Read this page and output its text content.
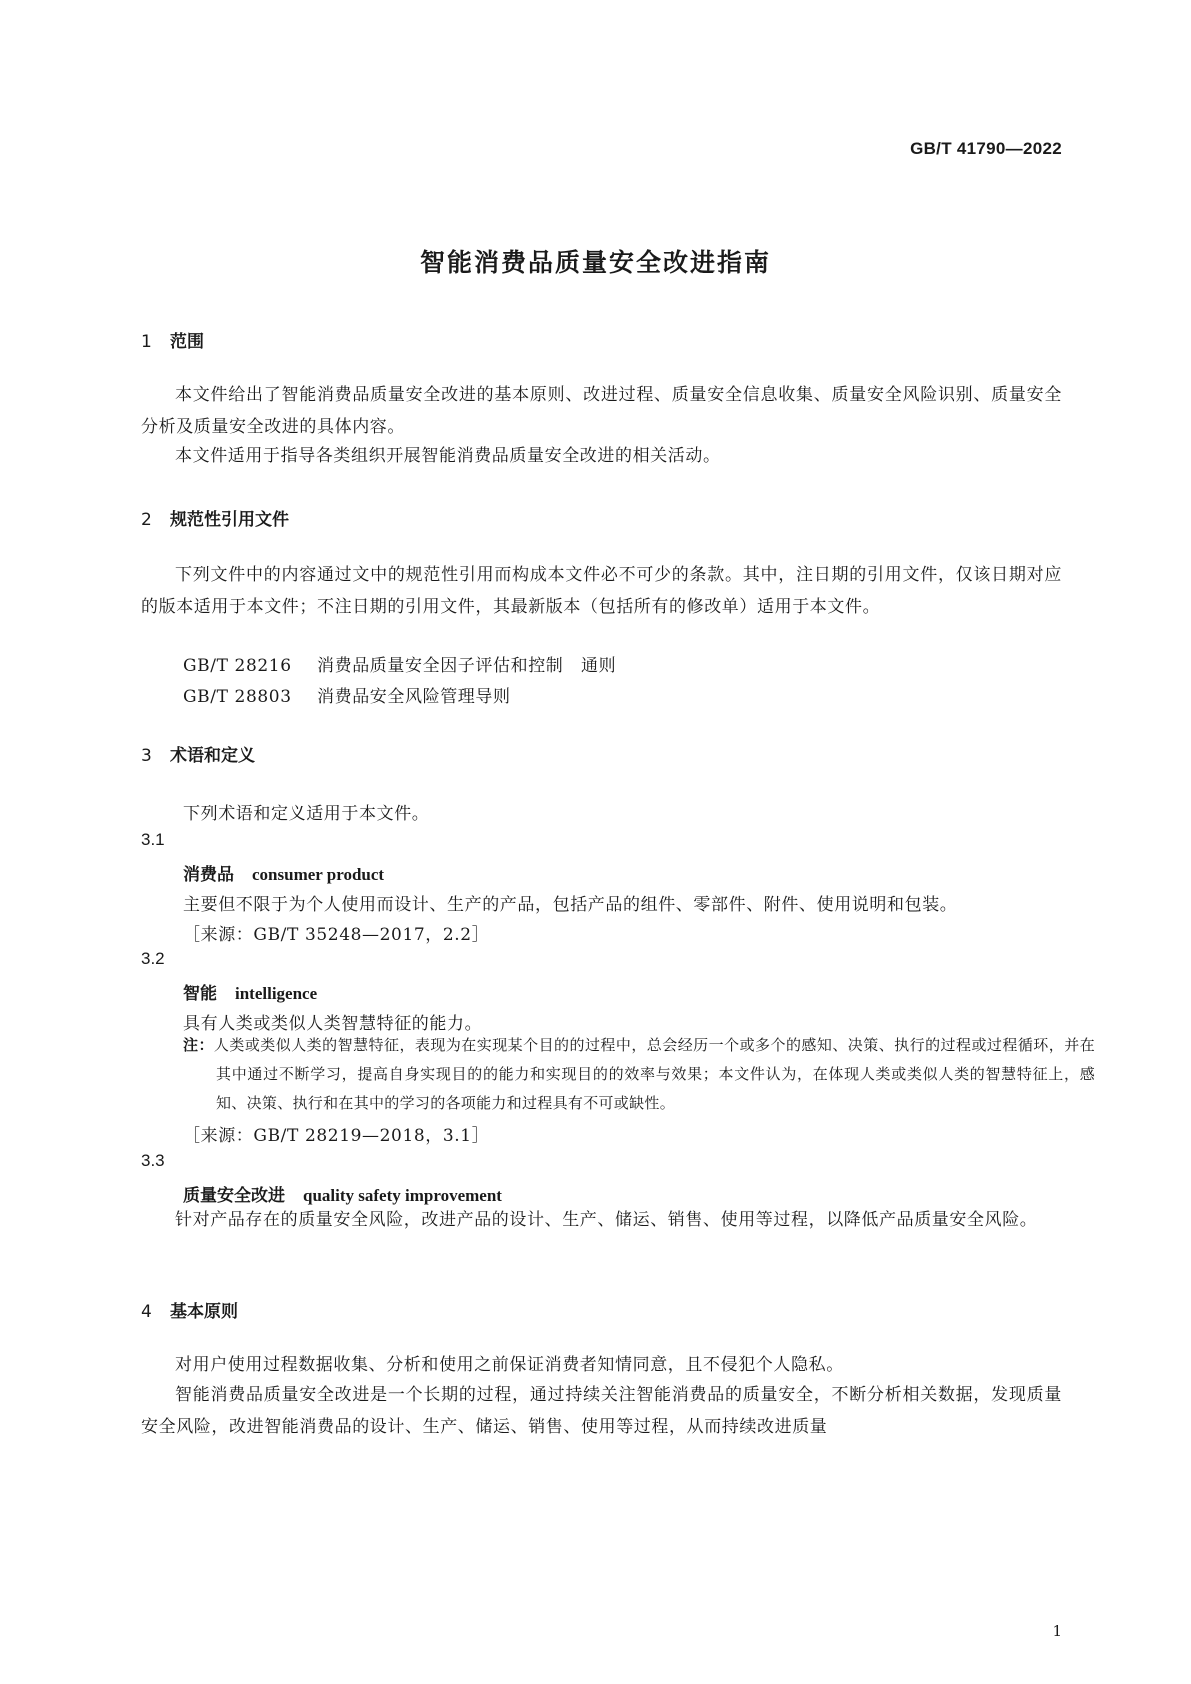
GB/T 41790—2022
智能消费品质量安全改进指南
1 范围

本文件给出了智能消费品质量安全改进的基本原则、改进过程、质量安全信息收集、质量安全风险识别、质量安全分析及质量安全改进的具体内容。

本文件适用于指导各类组织开展智能消费品质量安全改进的相关活动。

2 规范性引用文件

下列文件中的内容通过文中的规范性引用而构成本文件必不可少的条款。其中，注日期的引用文件，仅该日期对应的版本适用于本文件；不注日期的引用文件，其最新版本（包括所有的修改单）适用于本文件。

GB/T 28216 消费品质量安全因子评估和控制　通则
GB/T 28803 消费品安全风险管理导则
3 术语和定义
下列术语和定义适用于本文件。
3.1
消费品 consumer product
主要但不限于为个人使用而设计、生产的产品，包括产品的组件、零部件、附件、使用说明和包装。
［来源：GB/T 35248—2017，2.2］
3.2
智能 intelligence
具有人类或类似人类智慧特征的能力。

注：人类或类似人类的智慧特征，表现为在实现某个目的的过程中，总会经历一个或多个的感知、决策、执行的过程或过程循环，并在其中通过不断学习，提高自身实现目的的能力和实现目的的效率与效果；本文件认为，在体现人类或类似人类的智慧特征上，感知、决策、执行和在其中的学习的各项能力和过程具有不可或缺性。

［来源：GB/T 28219—2018，3.1］
3.3
质量安全改进 quality safety improvement

针对产品存在的质量安全风险，改进产品的设计、生产、储运、销售、使用等过程，以降低产品质量安全风险。

4 基本原则

对用户使用过程数据收集、分析和使用之前保证消费者知情同意，且不侵犯个人隐私。

智能消费品质量安全改进是一个长期的过程，通过持续关注智能消费品的质量安全，不断分析相关数据，发现质量安全风险，改进智能消费品的设计、生产、储运、销售、使用等过程，从而持续改进质量

1
